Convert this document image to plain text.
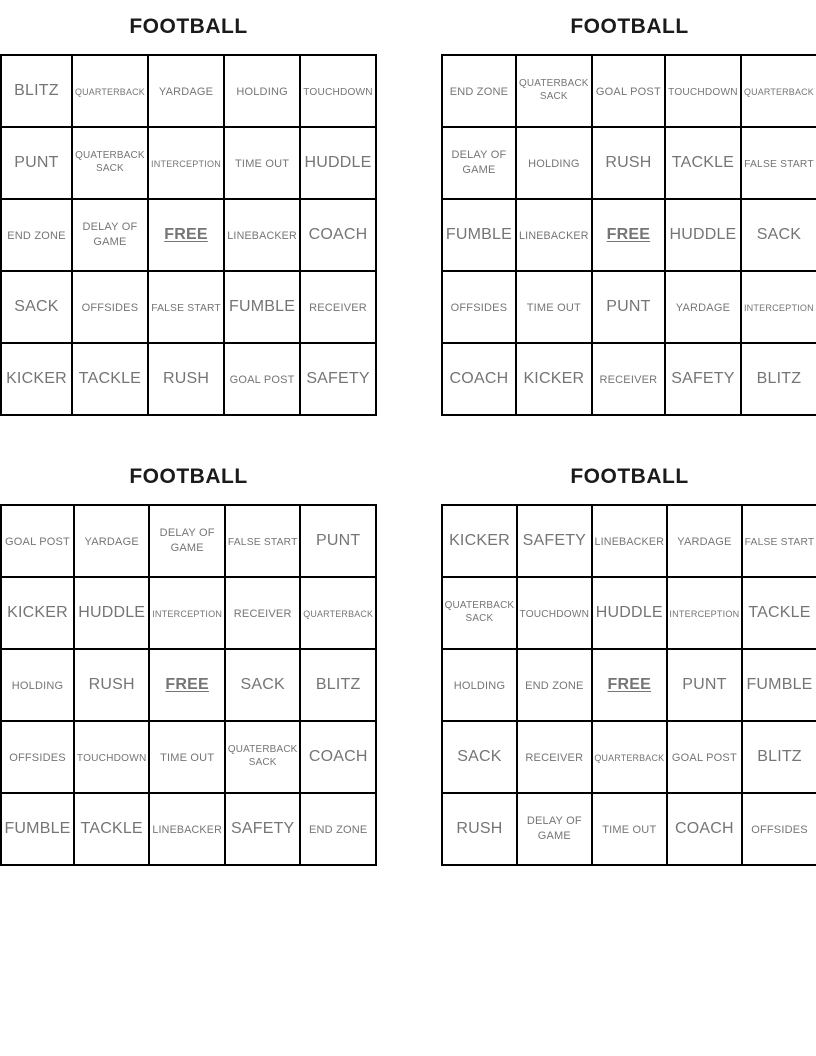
FOOTBALL
BLITZ	QUARTERBACK	YARDAGE	HOLDING	TOUCHDOWN
PUNT	QUATERBACK SACK	INTERCEPTION	TIME OUT	HUDDLE
END ZONE	DELAY OF GAME	FREE	LINEBACKER	COACH
SACK	OFFSIDES	FALSE START	FUMBLE	RECEIVER
KICKER	TACKLE	RUSH	GOAL POST	SAFETY
FOOTBALL
END ZONE	QUATERBACK SACK	GOAL POST	TOUCHDOWN	QUARTERBACK
DELAY OF GAME	HOLDING	RUSH	TACKLE	FALSE START
FUMBLE	LINEBACKER	FREE	HUDDLE	SACK
OFFSIDES	TIME OUT	PUNT	YARDAGE	INTERCEPTION
COACH	KICKER	RECEIVER	SAFETY	BLITZ
FOOTBALL
GOAL POST	YARDAGE	DELAY OF GAME	FALSE START	PUNT
KICKER	HUDDLE	INTERCEPTION	RECEIVER	QUARTERBACK
HOLDING	RUSH	FREE	SACK	BLITZ
OFFSIDES	TOUCHDOWN	TIME OUT	QUATERBACK SACK	COACH
FUMBLE	TACKLE	LINEBACKER	SAFETY	END ZONE
FOOTBALL
KICKER	SAFETY	LINEBACKER	YARDAGE	FALSE START
QUATERBACK SACK	TOUCHDOWN	HUDDLE	INTERCEPTION	TACKLE
HOLDING	END ZONE	FREE	PUNT	FUMBLE
SACK	RECEIVER	QUARTERBACK	GOAL POST	BLITZ
RUSH	DELAY OF GAME	TIME OUT	COACH	OFFSIDES
